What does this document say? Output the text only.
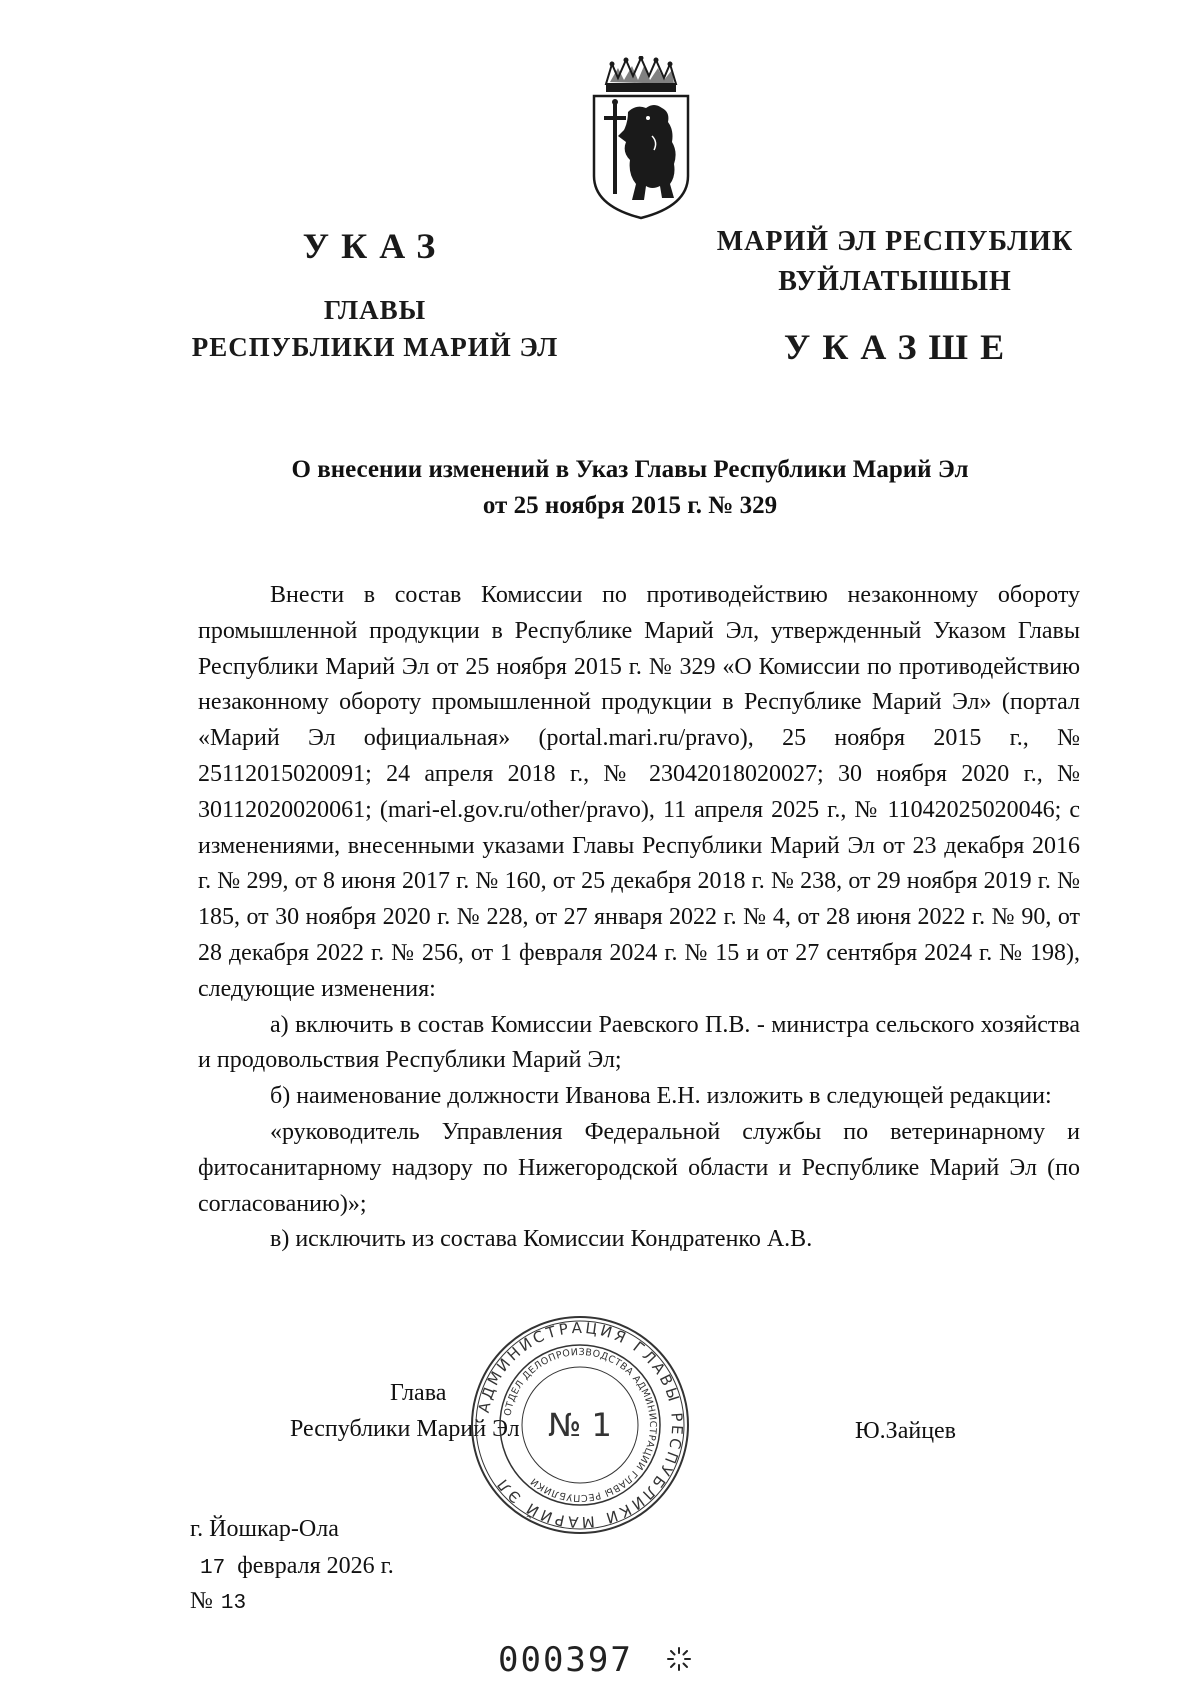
УКАЗ
ГЛАВЫ
РЕСПУБЛИКИ МАРИЙ ЭЛ
МАРИЙ ЭЛ РЕСПУБЛИК
ВУЙЛАТЫШЫН
УКАЗШЕ
О внесении изменений в Указ Главы Республики Марий Эл
от 25 ноября 2015 г. № 329

Внести в состав Комиссии по противодействию незаконному обороту промышленной продукции в Республике Марий Эл, утвержденный Указом Главы Республики Марий Эл от 25 ноября 2015 г. № 329 «О Комиссии по противодействию незаконному обороту промышленной продукции в Республике Марий Эл» (портал «Марий Эл официальная» (portal.mari.ru/pravo), 25 ноября 2015 г., № 25112015020091; 24 апреля 2018 г., № 23042018020027; 30 ноября 2020 г., № 30112020020061; (mari-el.gov.ru/other/pravo), 11 апреля 2025 г., № 11042025020046; с изменениями, внесенными указами Главы Республики Марий Эл от 23 декабря 2016 г. № 299, от 8 июня 2017 г. № 160, от 25 декабря 2018 г. № 238, от 29 ноября 2019 г. № 185, от 30 ноября 2020 г. № 228, от 27 января 2022 г. № 4, от 28 июня 2022 г. № 90, от 28 декабря 2022 г. № 256, от 1 февраля 2024 г. № 15 и от 27 сентября 2024 г. № 198), следующие изменения:

а) включить в состав Комиссии Раевского П.В. - министра сельского хозяйства и продовольствия Республики Марий Эл;

б) наименование должности Иванова Е.Н. изложить в следующей редакции:

«руководитель Управления Федеральной службы по ветеринарному и фитосанитарному надзору по Нижегородской области и Республике Марий Эл (по согласованию)»;

в) исключить из состава Комиссии Кондратенко А.В.

Глава
Республики Марий Эл	Ю.Зайцев
АДМИНИСТРАЦИЯ ГЛАВЫ РЕСПУБЛИКИ МАРИЙ ЭЛ
ОТДЕЛ ДЕЛОПРОИЗВОДСТВА АДМИНИСТРАЦИИ ГЛАВЫ РЕСПУБЛИКИ
№ 1
г. Йошкар-Ола
17 февраля 2026 г.
№ 13
000397
